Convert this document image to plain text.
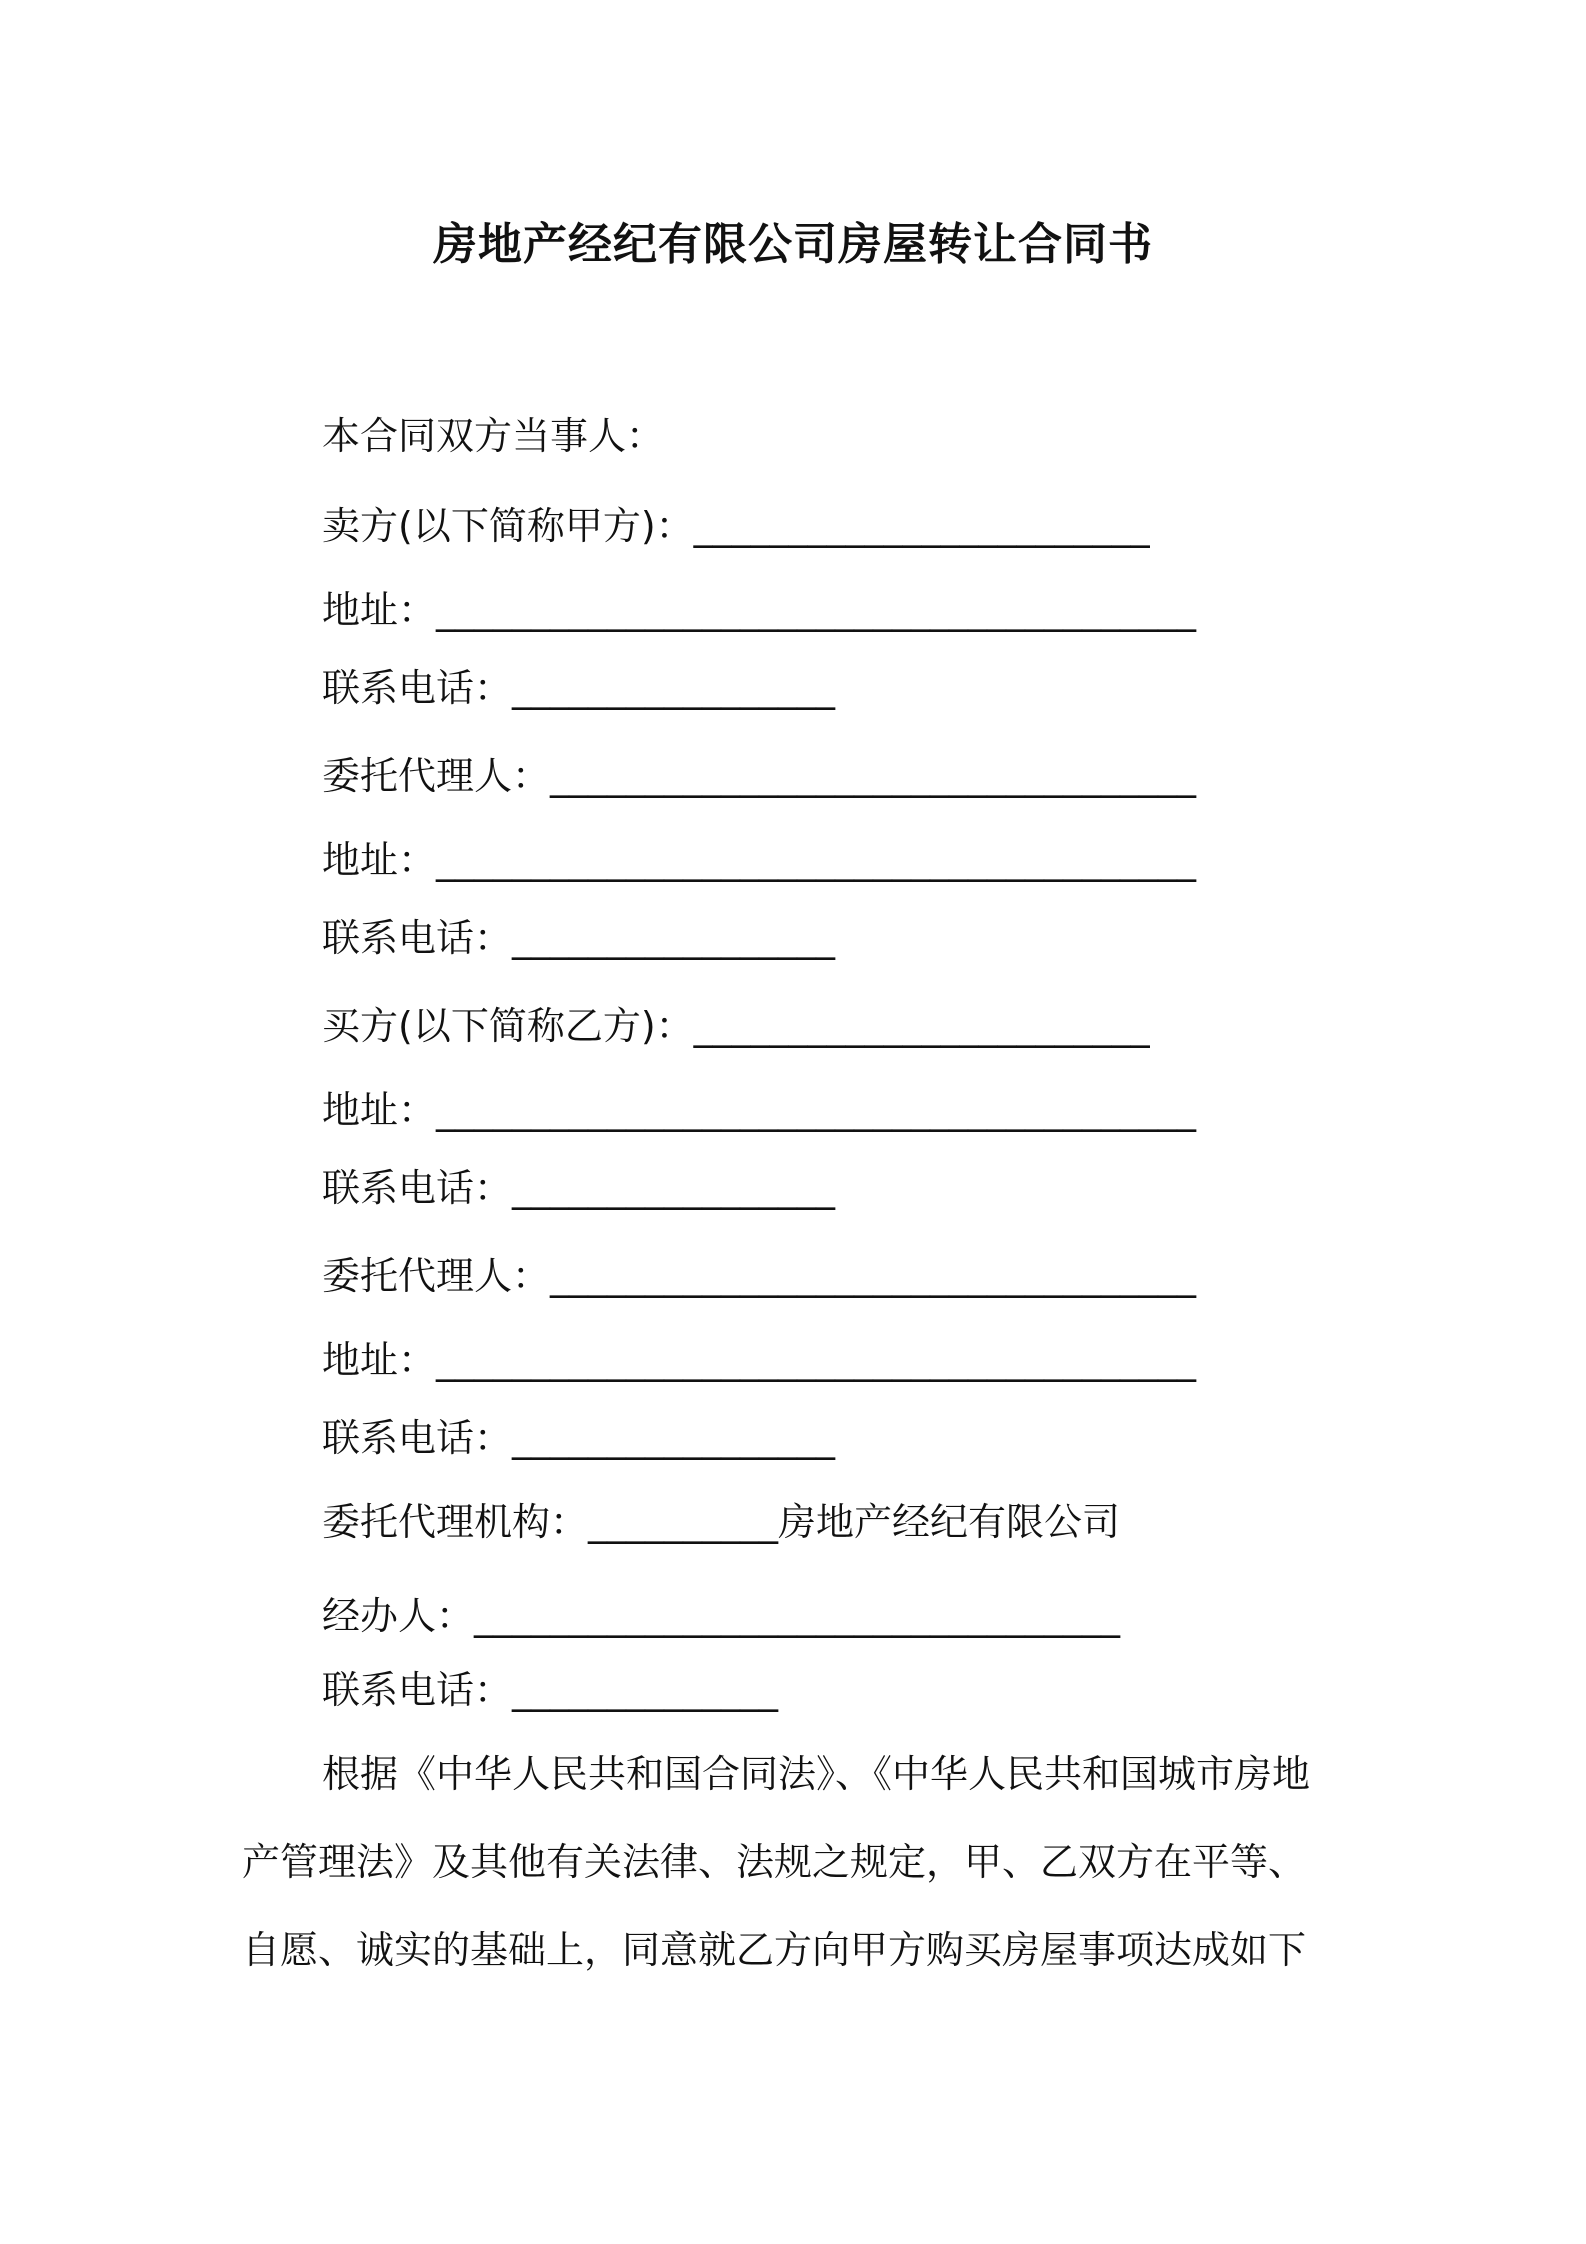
房地产经纪有限公司房屋转让合同书
本合同双方当事人：
卖方(以下简称甲方)：________________________
地址：________________________________________
联系电话：_________________
委托代理人：__________________________________
地址：________________________________________
联系电话：_________________
买方(以下简称乙方)：________________________
地址：________________________________________
联系电话：_________________
委托代理人：__________________________________
地址：________________________________________
联系电话：_________________
委托代理机构：__________房地产经纪有限公司
经办人：__________________________________
联系电话：______________
根据《中华人民共和国合同法》、《中华人民共和国城市房地
产管理法》及其他有关法律、法规之规定，甲、乙双方在平等、
自愿、诚实的基础上，同意就乙方向甲方购买房屋事项达成如下
